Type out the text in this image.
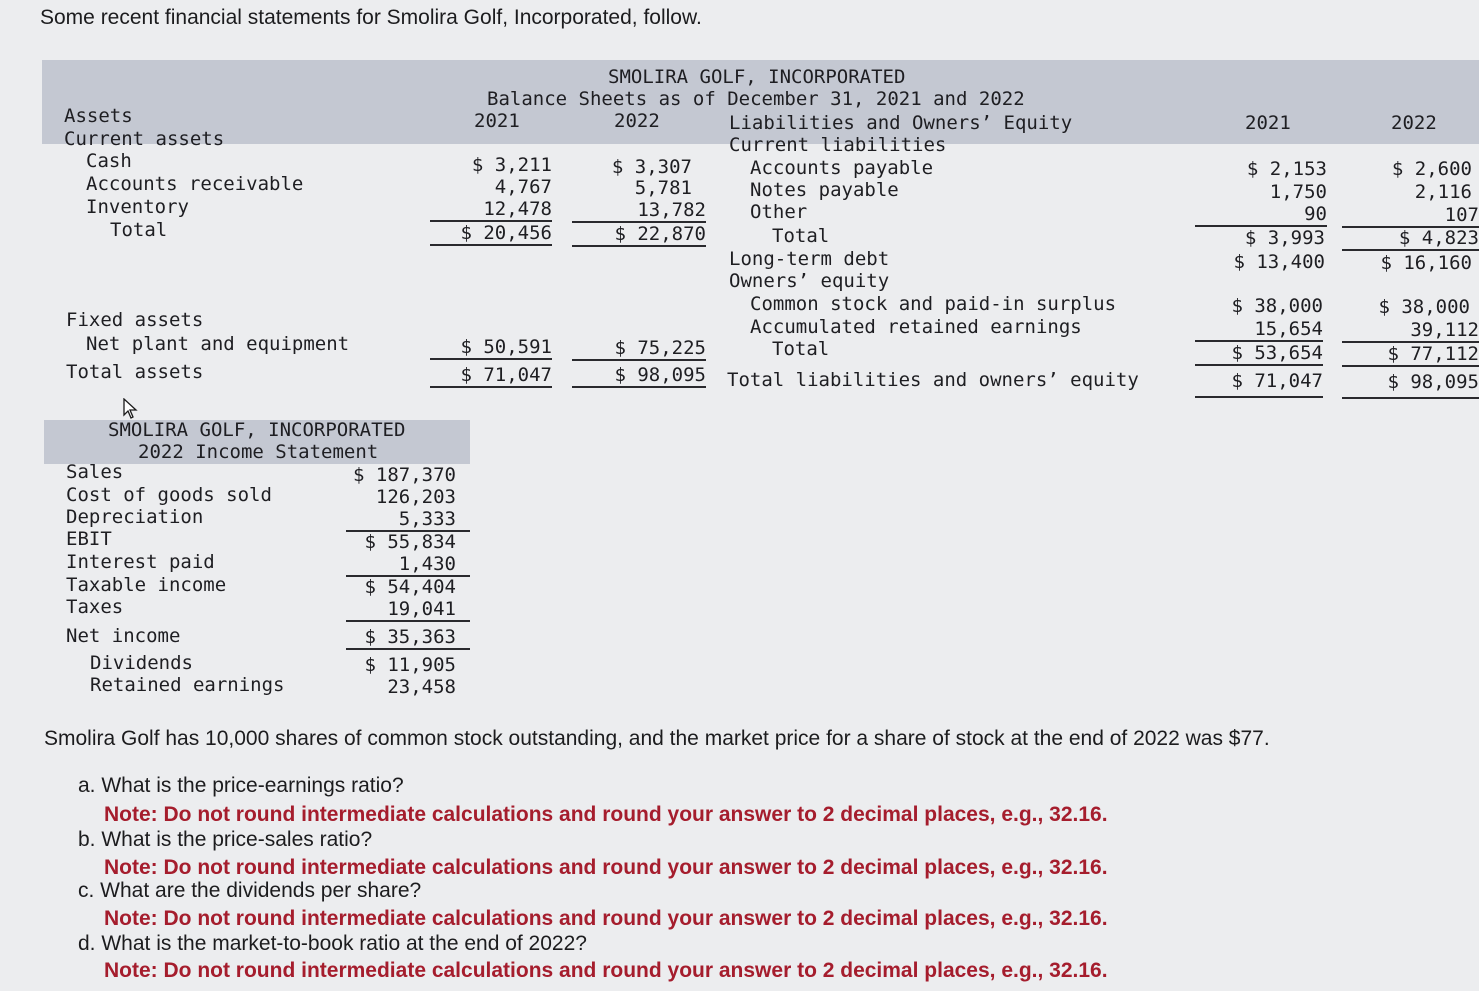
Some recent financial statements for Smolira Golf, Incorporated, follow.
SMOLIRA GOLF, INCORPORATED
Balance Sheets as of December 31, 2021 and 2022
Assets	2021	2022	Liabilities and Owners’ Equity	2021	2022
Current assets
Cash	$ 3,211	$ 3,307
Accounts receivable	4,767	5,781
Inventory	12,478	13,782
Total	$ 20,456	$ 22,870
Fixed assets
Net plant and equipment	$ 50,591	$ 75,225
Total assets	$ 71,047	$ 98,095
Current liabilities
Accounts payable	$ 2,153	$ 2,600
Notes payable	1,750	2,116
Other	90	107
Total	$ 3,993	$ 4,823
Long-term debt	$ 13,400	$ 16,160
Owners’ equity
Common stock and paid-in surplus	$ 38,000	$ 38,000
Accumulated retained earnings	15,654	39,112
Total	$ 53,654	$ 77,112
Total liabilities and owners’ equity	$ 71,047	$ 98,095
SMOLIRA GOLF, INCORPORATED
2022 Income Statement
Sales	$ 187,370
Cost of goods sold	126,203
Depreciation	5,333
EBIT	$ 55,834
Interest paid	1,430
Taxable income	$ 54,404
Taxes	19,041
Net income	$ 35,363
Dividends	$ 11,905
Retained earnings	23,458
Smolira Golf has 10,000 shares of common stock outstanding, and the market price for a share of stock at the end of 2022 was $77.
a. What is the price-earnings ratio?
Note: Do not round intermediate calculations and round your answer to 2 decimal places, e.g., 32.16.
b. What is the price-sales ratio?
Note: Do not round intermediate calculations and round your answer to 2 decimal places, e.g., 32.16.
c. What are the dividends per share?
Note: Do not round intermediate calculations and round your answer to 2 decimal places, e.g., 32.16.
d. What is the market-to-book ratio at the end of 2022?
Note: Do not round intermediate calculations and round your answer to 2 decimal places, e.g., 32.16.
